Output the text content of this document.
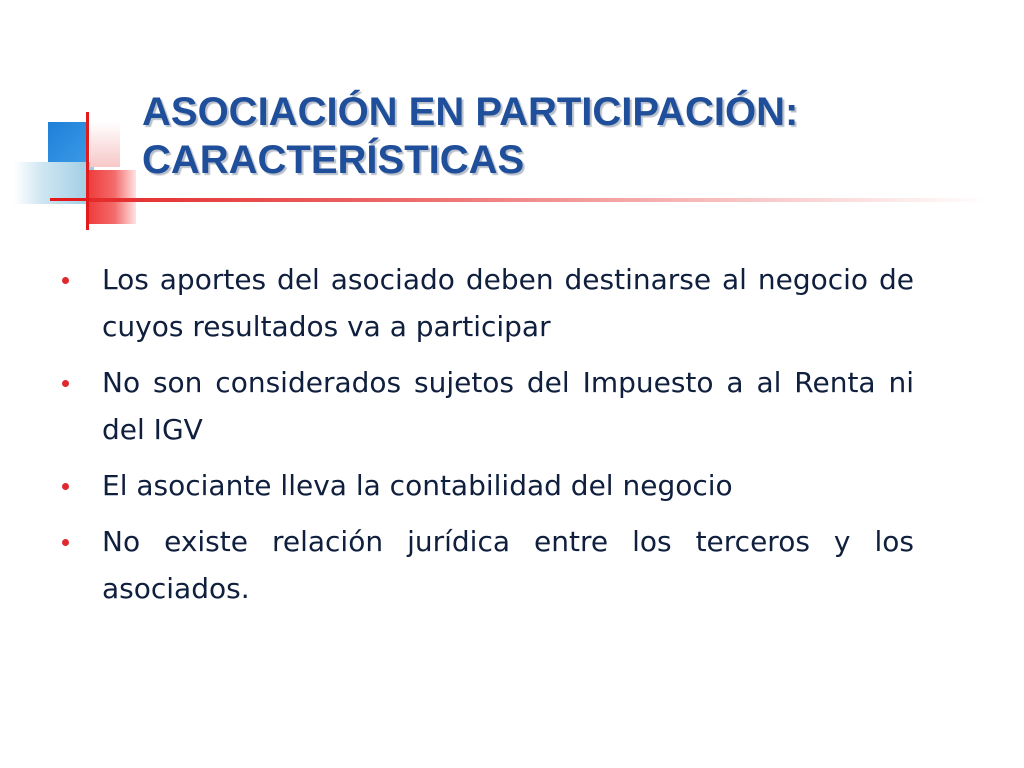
ASOCIACIÓN EN PARTICIPACIÓN:
CARACTERÍSTICAS
Los aportes del asociado deben destinarse al negocio de cuyos resultados va a participar
No son considerados sujetos del Impuesto a al Renta ni del IGV
El asociante lleva la contabilidad del negocio
No existe relación jurídica entre los terceros y los asociados.
